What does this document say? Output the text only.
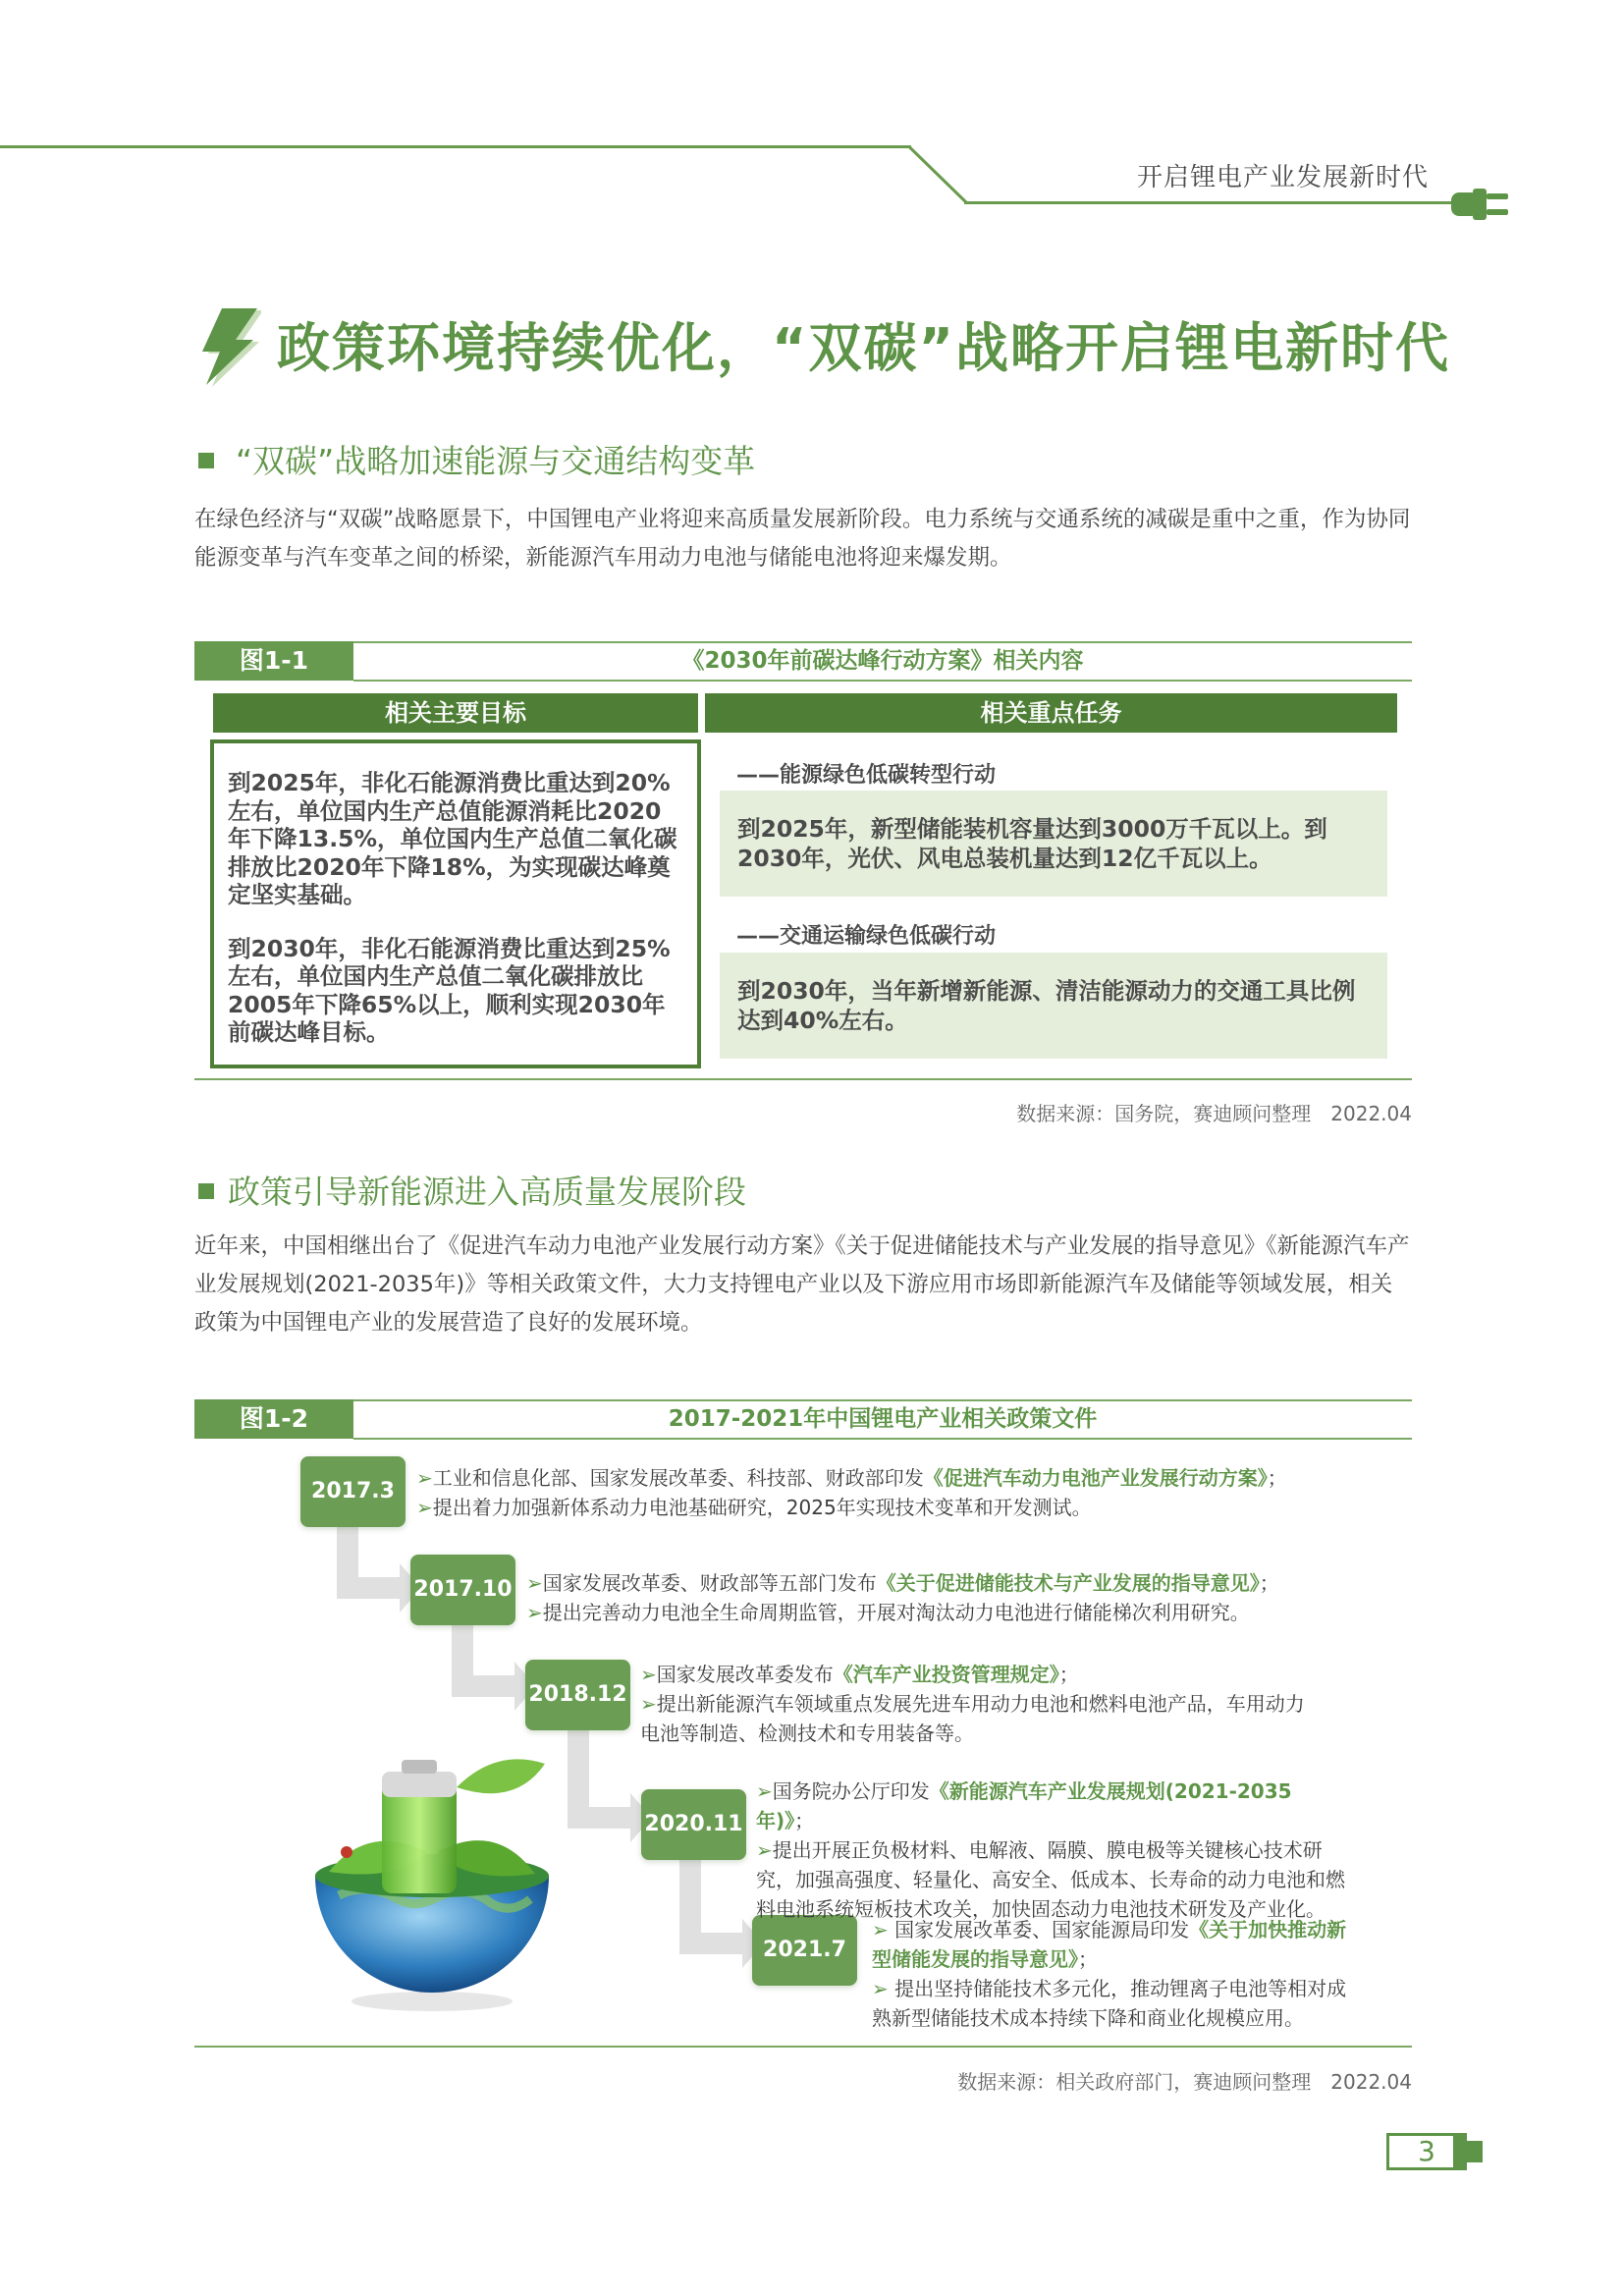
开启锂电产业发展新时代
政策环境持续优化，“双碳”战略开启锂电新时代
“双碳”战略加速能源与交通结构变革
在绿色经济与“双碳”战略愿景下，中国锂电产业将迎来高质量发展新阶段。电力系统与交通系统的减碳是重中之重，作为协同能源变革与汽车变革之间的桥梁，新能源汽车用动力电池与储能电池将迎来爆发期。
图1-1	《2030年前碳达峰行动方案》相关内容
相关主要目标	相关重点任务

到2025年，非化石能源消费比重达到20%左右，单位国内生产总值能源消耗比2020年下降13.5%，单位国内生产总值二氧化碳排放比2020年下降18%，为实现碳达峰奠定坚实基础。

到2030年，非化石能源消费比重达到25%左右，单位国内生产总值二氧化碳排放比2005年下降65%以上，顺利实现2030年前碳达峰目标。

——能源绿色低碳转型行动
到2025年，新型储能装机容量达到3000万千瓦以上。到2030年，光伏、风电总装机量达到12亿千瓦以上。
——交通运输绿色低碳行动
到2030年，当年新增新能源、清洁能源动力的交通工具比例达到40%左右。
数据来源：国务院，赛迪顾问整理　2022.04
政策引导新能源进入高质量发展阶段
近年来，中国相继出台了《促进汽车动力电池产业发展行动方案》《关于促进储能技术与产业发展的指导意见》《新能源汽车产业发展规划(2021-2035年)》等相关政策文件，大力支持锂电产业以及下游应用市场即新能源汽车及储能等领域发展，相关政策为中国锂电产业的发展营造了良好的发展环境。
图1-2	2017-2021年中国锂电产业相关政策文件
2017.3
2017.10
2018.12
2020.11
2021.7
➢工业和信息化部、国家发展改革委、科技部、财政部印发《促进汽车动力电池产业发展行动方案》；
➢提出着力加强新体系动力电池基础研究，2025年实现技术变革和开发测试。
➢国家发展改革委、财政部等五部门发布《关于促进储能技术与产业发展的指导意见》；
➢提出完善动力电池全生命周期监管，开展对淘汰动力电池进行储能梯次利用研究。
➢国家发展改革委发布《汽车产业投资管理规定》；
➢提出新能源汽车领域重点发展先进车用动力电池和燃料电池产品，车用动力电池等制造、检测技术和专用装备等。
➢国务院办公厅印发《新能源汽车产业发展规划(2021-2035年)》；
➢提出开展正负极材料、电解液、隔膜、膜电极等关键核心技术研究，加强高强度、轻量化、高安全、低成本、长寿命的动力电池和燃料电池系统短板技术攻关，加快固态动力电池技术研发及产业化。
➢ 国家发展改革委、国家能源局印发《关于加快推动新型储能发展的指导意见》；
➢ 提出坚持储能技术多元化，推动锂离子电池等相对成熟新型储能技术成本持续下降和商业化规模应用。
数据来源：相关政府部门，赛迪顾问整理　2022.04
3
